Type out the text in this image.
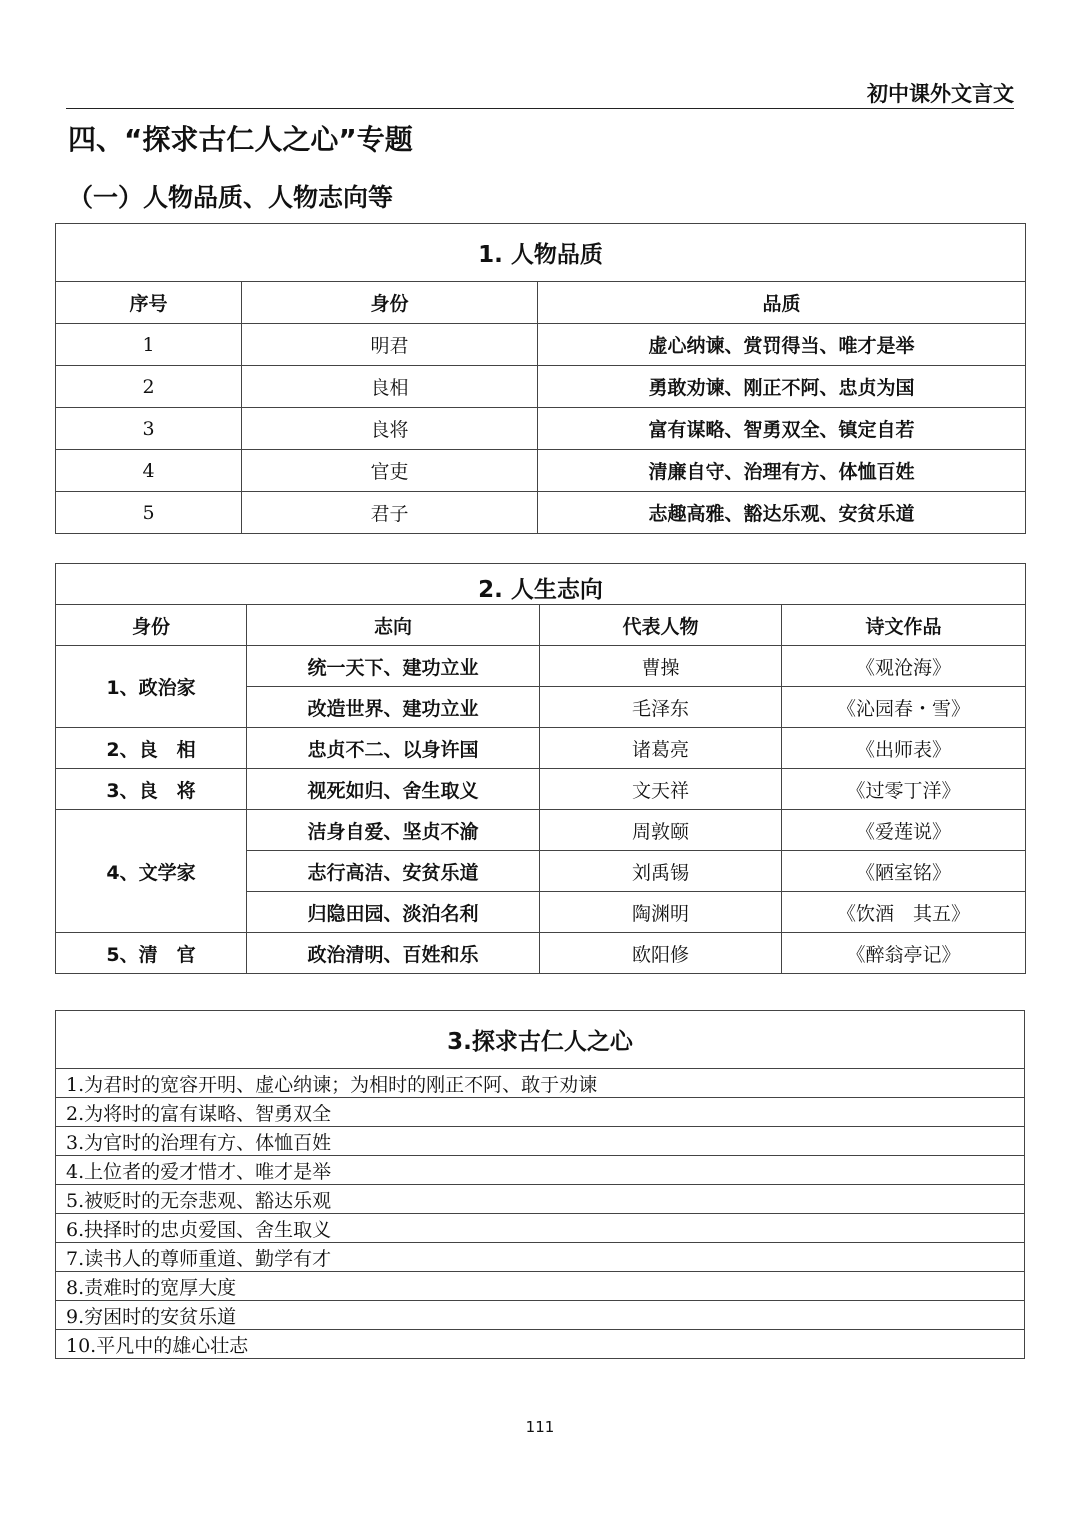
初中课外文言文
四、“探求古仁人之心”专题
（一）人物品质、人物志向等
1. 人物品质		
序号	身份	品质
1	明君	虚心纳谏、赏罚得当、唯才是举
2	良相	勇敢劝谏、刚正不阿、忠贞为国
3	良将	富有谋略、智勇双全、镇定自若
4	官吏	清廉自守、治理有方、体恤百姓
5	君子	志趣高雅、豁达乐观、安贫乐道
2. 人生志向			
身份	志向	代表人物	诗文作品
1、政治家	统一天下、建功立业	曹操	《观沧海》
	改造世界、建功立业	毛泽东	《沁园春・雪》
2、良　相	忠贞不二、以身许国	诸葛亮	《出师表》
3、良　将	视死如归、舍生取义	文天祥	《过零丁洋》
4、文学家	洁身自爱、坚贞不渝	周敦颐	《爱莲说》
	志行高洁、安贫乐道	刘禹锡	《陋室铭》
	归隐田园、淡泊名利	陶渊明	《饮酒　其五》
5、清　官	政治清明、百姓和乐	欧阳修	《醉翁亭记》
3.探求古仁人之心
1.为君时的宽容开明、虚心纳谏；为相时的刚正不阿、敢于劝谏
2.为将时的富有谋略、智勇双全
3.为官时的治理有方、体恤百姓
4.上位者的爱才惜才、唯才是举
5.被贬时的无奈悲观、豁达乐观
6.抉择时的忠贞爱国、舍生取义
7.读书人的尊师重道、勤学有才
8.责难时的宽厚大度
9.穷困时的安贫乐道
10.平凡中的雄心壮志
111
